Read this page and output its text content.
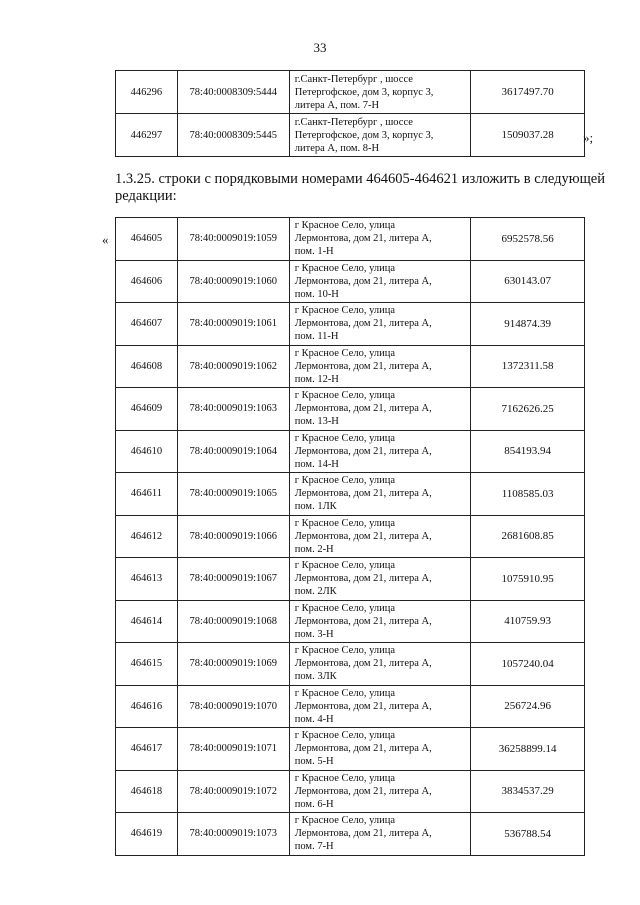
33
446296	78:40:0008309:5444	г.Санкт-Петербург , шоссе
Петергофское, дом 3, корпус 3,
литера А, пом. 7-Н	3617497.70
446297	78:40:0008309:5445	г.Санкт-Петербург , шоссе
Петергофское, дом 3, корпус 3,
литера А, пом. 8-Н	1509037.28 »;
1.3.25. строки с порядковыми номерами 464605-464621 изложить в следующей редакции:
« 464605	78:40:0009019:1059	г Красное Село, улица
Лермонтова, дом 21, литера А,
пом. 1-Н	6952578.56
464606	78:40:0009019:1060	г Красное Село, улица
Лермонтова, дом 21, литера А,
пом. 10-Н	630143.07
464607	78:40:0009019:1061	г Красное Село, улица
Лермонтова, дом 21, литера А,
пом. 11-Н	914874.39
464608	78:40:0009019:1062	г Красное Село, улица
Лермонтова, дом 21, литера А,
пом. 12-Н	1372311.58
464609	78:40:0009019:1063	г Красное Село, улица
Лермонтова, дом 21, литера А,
пом. 13-Н	7162626.25
464610	78:40:0009019:1064	г Красное Село, улица
Лермонтова, дом 21, литера А,
пом. 14-Н	854193.94
464611	78:40:0009019:1065	г Красное Село, улица
Лермонтова, дом 21, литера А,
пом. 1ЛК	1108585.03
464612	78:40:0009019:1066	г Красное Село, улица
Лермонтова, дом 21, литера А,
пом. 2-Н	2681608.85
464613	78:40:0009019:1067	г Красное Село, улица
Лермонтова, дом 21, литера А,
пом. 2ЛК	1075910.95
464614	78:40:0009019:1068	г Красное Село, улица
Лермонтова, дом 21, литера А,
пом. 3-Н	410759.93
464615	78:40:0009019:1069	г Красное Село, улица
Лермонтова, дом 21, литера А,
пом. 3ЛК	1057240.04
464616	78:40:0009019:1070	г Красное Село, улица
Лермонтова, дом 21, литера А,
пом. 4-Н	256724.96
464617	78:40:0009019:1071	г Красное Село, улица
Лермонтова, дом 21, литера А,
пом. 5-Н	36258899.14
464618	78:40:0009019:1072	г Красное Село, улица
Лермонтова, дом 21, литера А,
пом. 6-Н	3834537.29
464619	78:40:0009019:1073	г Красное Село, улица
Лермонтова, дом 21, литера А,
пом. 7-Н	536788.54
